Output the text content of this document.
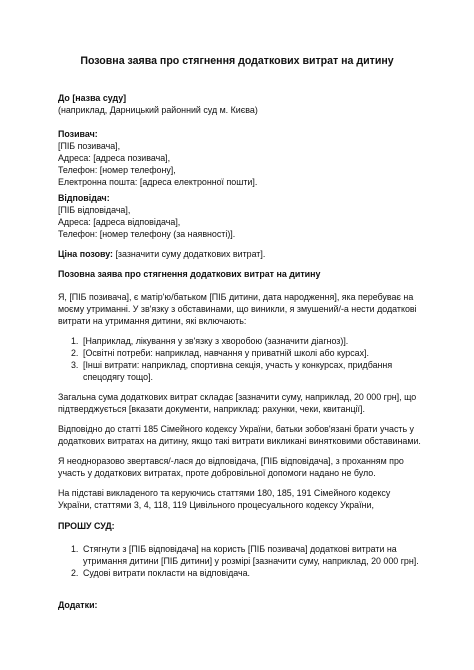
Позовна заява про стягнення додаткових витрат на дитину

До [назва суду]
(наприклад, Дарницький районний суд м. Києва)

Позивач:
[ПІБ позивача],
Адреса: [адреса позивача],
Телефон: [номер телефону],
Електронна пошта: [адреса електронної пошти].

Відповідач:
[ПІБ відповідача],
Адреса: [адреса відповідача],
Телефон: [номер телефону (за наявності)].

Ціна позову: [зазначити суму додаткових витрат].

Позовна заява про стягнення додаткових витрат на дитину

Я, [ПІБ позивача], є матір'ю/батьком [ПІБ дитини, дата народження], яка перебуває на моєму утриманні. У зв'язку з обставинами, що виникли, я змушений/-а нести додаткові витрати на утримання дитини, які включають:

1. [Наприклад, лікування у зв'язку з хворобою (зазначити діагноз)].
2. [Освітні потреби: наприклад, навчання у приватній школі або курсах].
3. [Інші витрати: наприклад, спортивна секція, участь у конкурсах, придбання спецодягу тощо].

Загальна сума додаткових витрат складає [зазначити суму, наприклад, 20 000 грн], що підтверджується [вказати документи, наприклад: рахунки, чеки, квитанції].

Відповідно до статті 185 Сімейного кодексу України, батьки зобов'язані брати участь у додаткових витратах на дитину, якщо такі витрати викликані винятковими обставинами.

Я неодноразово звертався/-лася до відповідача, [ПІБ відповідача], з проханням про участь у додаткових витратах, проте добровільної допомоги надано не було.

На підставі викладеного та керуючись статтями 180, 185, 191 Сімейного кодексу України, статтями 3, 4, 118, 119 Цивільного процесуального кодексу України,

ПРОШУ СУД:

1. Стягнути з [ПІБ відповідача] на користь [ПІБ позивача] додаткові витрати на утримання дитини [ПІБ дитини] у розмірі [зазначити суму, наприклад, 20 000 грн].
2. Судові витрати покласти на відповідача.

Додатки:
